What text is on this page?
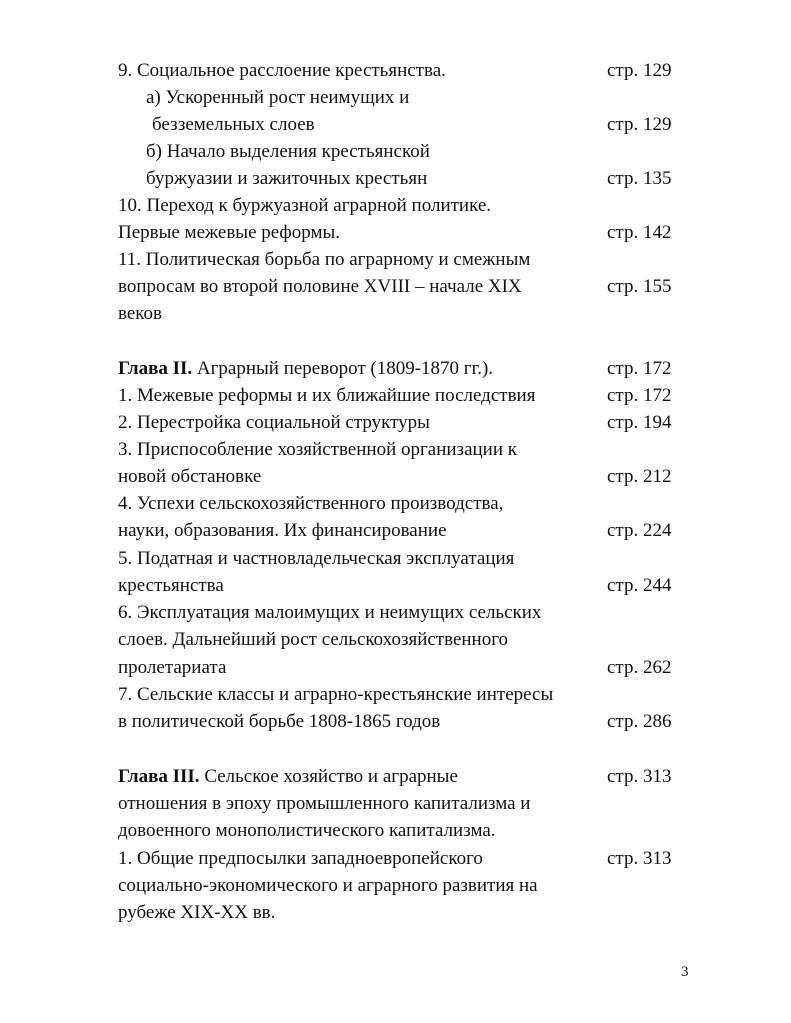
9. Социальное расслоение крестьянства.	стр. 129
а) Ускоренный рост неимущих и
безземельных слоев	стр. 129
б) Начало выделения крестьянской
буржуазии и зажиточных крестьян	стр. 135
10. Переход к буржуазной аграрной политике.
Первые межевые реформы.	стр. 142
11. Политическая борьба по аграрному и смежным
вопросам во второй половине XVIII – начале XIX	стр. 155
веков
Глава II. Аграрный переворот (1809-1870 гг.).	стр. 172
1. Межевые реформы и их ближайшие последствия	стр. 172
2. Перестройка социальной структуры	стр. 194
3. Приспособление хозяйственной организации к
новой обстановке	стр. 212
4. Успехи сельскохозяйственного производства,
науки, образования. Их финансирование	стр. 224
5. Податная и частновладельческая эксплуатация
крестьянства	стр. 244
6. Эксплуатация малоимущих и неимущих сельских
слоев. Дальнейший рост сельскохозяйственного
пролетариата	стр. 262
7. Сельские классы и аграрно-крестьянские интересы
в политической борьбе 1808-1865 годов	стр. 286
Глава III. Сельское хозяйство и аграрные	стр. 313
отношения в эпоху промышленного капитализма и
довоенного монополистического капитализма.
1. Общие предпосылки западноевропейского	стр. 313
социально-экономического и аграрного развития на
рубеже XIX-XX вв.
3
